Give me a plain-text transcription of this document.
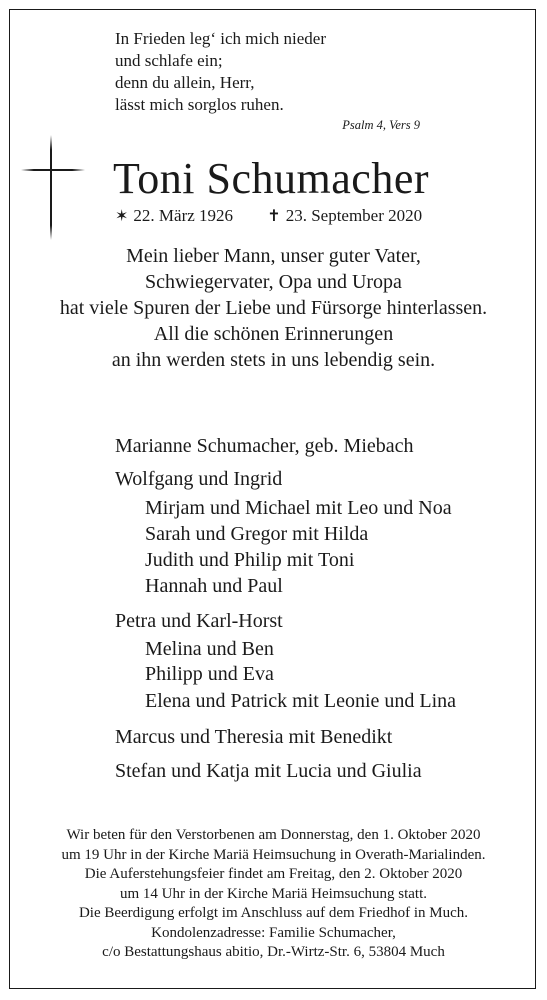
In Frieden leg‘ ich mich nieder
und schlafe ein;
denn du allein, Herr,
lässt mich sorglos ruhen.
Psalm 4, Vers 9
Toni Schumacher
✶ 22. März 1926 ✝ 23. September 2020
Mein lieber Mann, unser guter Vater,
Schwiegervater, Opa und Uropa
hat viele Spuren der Liebe und Fürsorge hinterlassen.
All die schönen Erinnerungen
an ihn werden stets in uns lebendig sein.
Marianne Schumacher, geb. Miebach
Wolfgang und Ingrid
Mirjam und Michael mit Leo und Noa
Sarah und Gregor mit Hilda
Judith und Philip mit Toni
Hannah und Paul
Petra und Karl-Horst
Melina und Ben
Philipp und Eva
Elena und Patrick mit Leonie und Lina
Marcus und Theresia mit Benedikt
Stefan und Katja mit Lucia und Giulia
Wir beten für den Verstorbenen am Donnerstag, den 1. Oktober 2020
um 19 Uhr in der Kirche Mariä Heimsuchung in Overath-Marialinden.
Die Auferstehungsfeier findet am Freitag, den 2. Oktober 2020
um 14 Uhr in der Kirche Mariä Heimsuchung statt.
Die Beerdigung erfolgt im Anschluss auf dem Friedhof in Much.
Kondolenzadresse: Familie Schumacher,
c/o Bestattungshaus abitio, Dr.-Wirtz-Str. 6, 53804 Much
